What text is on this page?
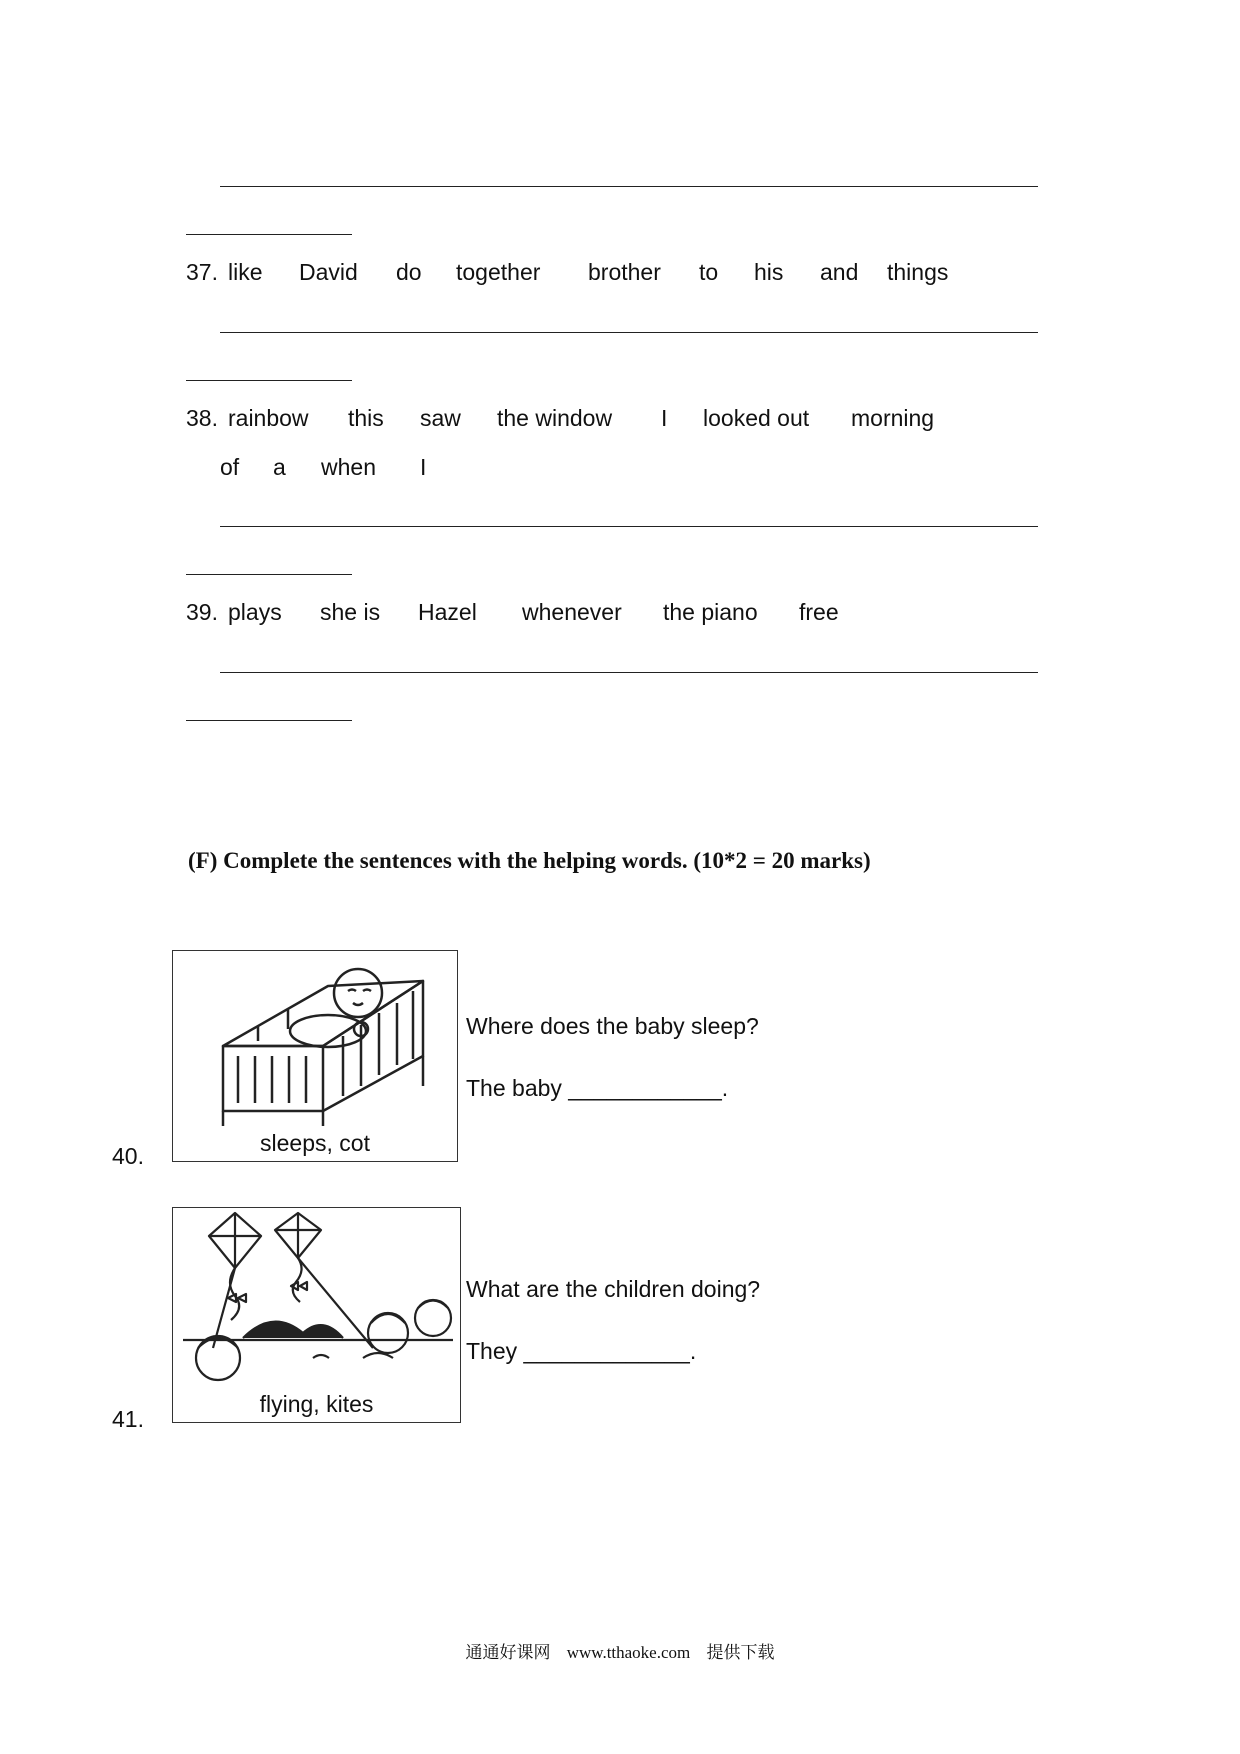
37. like David do together brother to his and things
38. rainbow this saw the window I looked out morning
of a when I
39. plays she is Hazel whenever the piano free
(F) Complete the sentences with the helping words. (10*2 = 20 marks)
sleeps, cot
40.
Where does the baby sleep?
The baby ____________.
flying, kites
41.
What are the children doing?
They _____________.
通通好课网 www.tthaoke.com 提供下载
